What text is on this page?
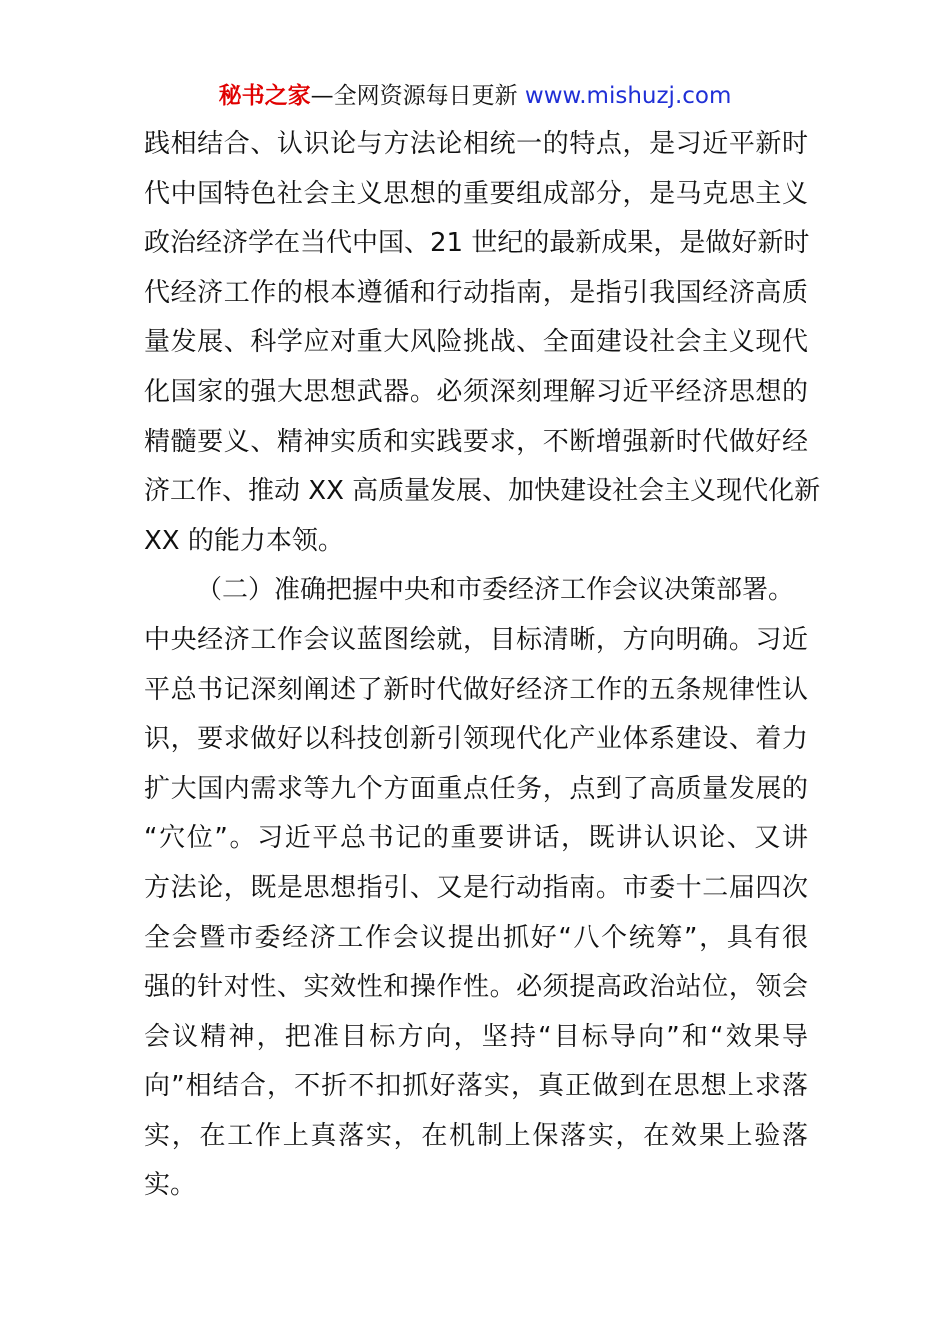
秘书之家—全网资源每日更新 www.mishuzj.com
践相结合、认识论与方法论相统一的特点，是习近平新时
代中国特色社会主义思想的重要组成部分，是马克思主义
政治经济学在当代中国、21 世纪的最新成果，是做好新时
代经济工作的根本遵循和行动指南，是指引我国经济高质
量发展、科学应对重大风险挑战、全面建设社会主义现代
化国家的强大思想武器。必须深刻理解习近平经济思想的
精髓要义、精神实质和实践要求，不断增强新时代做好经
济工作、推动 XX 高质量发展、加快建设社会主义现代化新
XX 的能力本领。
（二）准确把握中央和市委经济工作会议决策部署。
中央经济工作会议蓝图绘就，目标清晰，方向明确。习近
平总书记深刻阐述了新时代做好经济工作的五条规律性认
识，要求做好以科技创新引领现代化产业体系建设、着力
扩大国内需求等九个方面重点任务，点到了高质量发展的
“穴位”。习近平总书记的重要讲话，既讲认识论、又讲
方法论，既是思想指引、又是行动指南。市委十二届四次
全会暨市委经济工作会议提出抓好“八个统筹”，具有很
强的针对性、实效性和操作性。必须提高政治站位，领会
会议精神，把准目标方向，坚持“目标导向”和“效果导
向”相结合，不折不扣抓好落实，真正做到在思想上求落
实，在工作上真落实，在机制上保落实，在效果上验落
实。
